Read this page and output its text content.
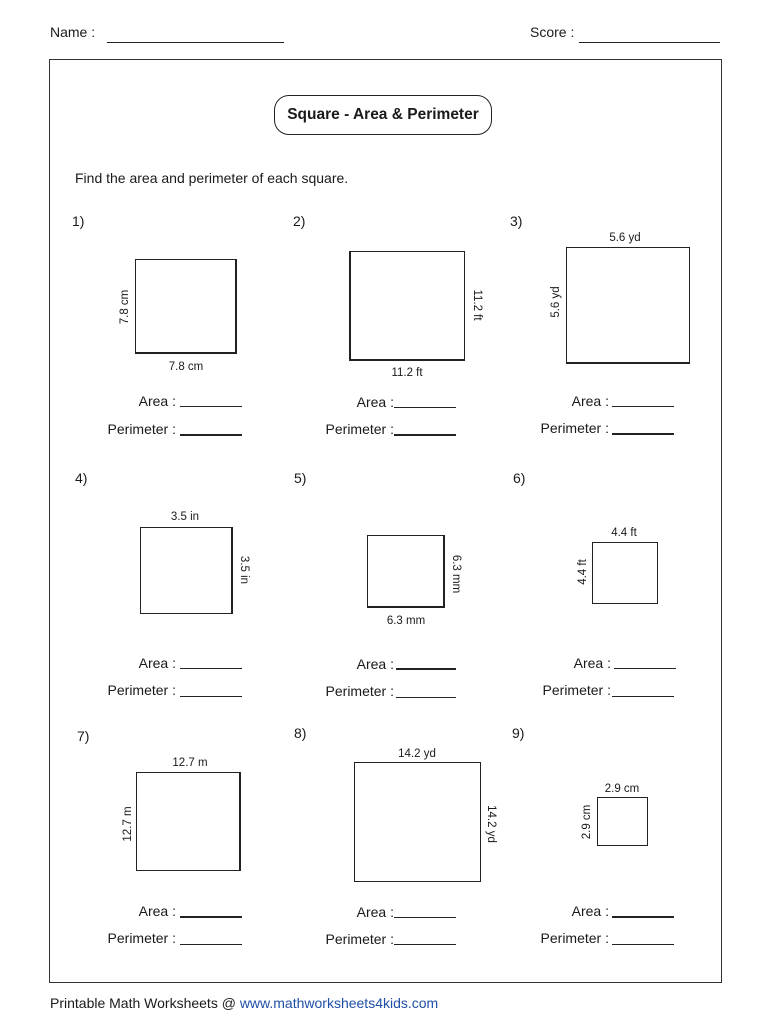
Name :	Score :
Square - Area & Perimeter
Find the area and perimeter of each square.
1)
7.8 cm
7.8 cm
2)
11.2 ft
11.2 ft
3)
5.6 yd
5.6 yd
Area :
Perimeter :
Area :
Perimeter :
Area :
Perimeter :
4)
3.5 in
3.5 in
5)
6.3 mm
6.3 mm
6)
4.4 ft
4.4 ft
Area :
Perimeter :
Area :
Perimeter :
Area :
Perimeter :
7)
12.7 m
12.7 m
8)
14.2 yd
14.2 yd
9)
2.9 cm
2.9 cm
Area :
Perimeter :
Area :
Perimeter :
Area :
Perimeter :
Printable Math Worksheets @ www.mathworksheets4kids.com
